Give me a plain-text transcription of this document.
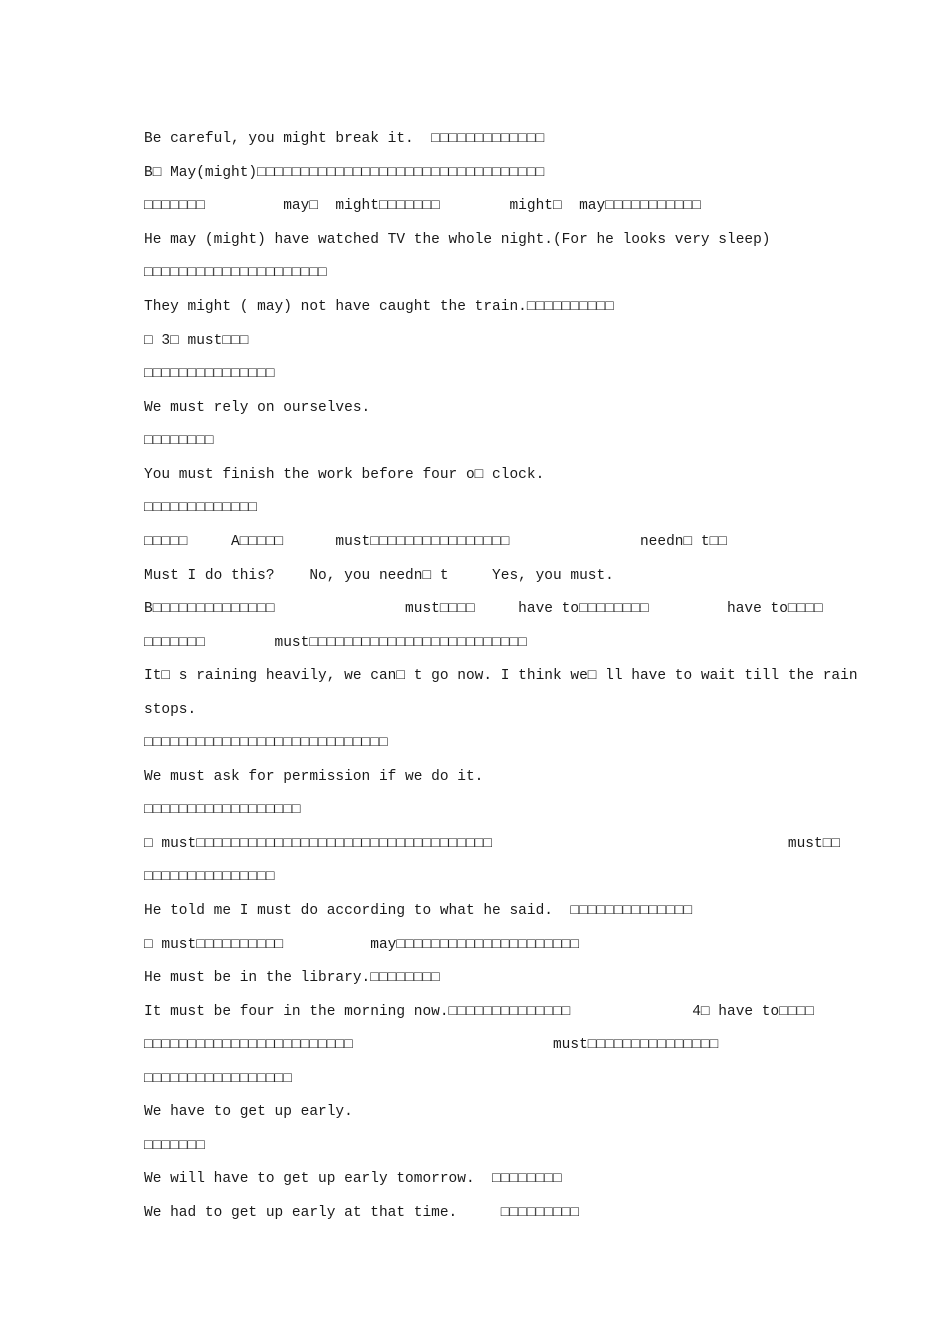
Be careful, you might break it.  □□□□□□□□□□□□□
B□ May(might)□□□□□□□□□□□□□□□□□□□□□□□□□□□□□□□□□
□□□□□□□         may□  might□□□□□□□        might□  may□□□□□□□□□□□
He may (might) have watched TV the whole night.(For he looks very sleep)
□□□□□□□□□□□□□□□□□□□□□
They might ( may) not have caught the train.□□□□□□□□□□
□ 3□ must□□□
□□□□□□□□□□□□□□□
We must rely on ourselves.
□□□□□□□□
You must finish the work before four o□ clock.
□□□□□□□□□□□□□
□□□□□     A□□□□□      must□□□□□□□□□□□□□□□□               needn□ t□□
Must I do this?    No, you needn□ t     Yes, you must.
B□□□□□□□□□□□□□□               must□□□□     have to□□□□□□□□         have to□□□□
□□□□□□□        must□□□□□□□□□□□□□□□□□□□□□□□□□
It□ s raining heavily, we can□ t go now. I think we□ ll have to wait till the rain
stops.
□□□□□□□□□□□□□□□□□□□□□□□□□□□□
We must ask for permission if we do it.
□□□□□□□□□□□□□□□□□□
□ must□□□□□□□□□□□□□□□□□□□□□□□□□□□□□□□□□□                                  must□□
□□□□□□□□□□□□□□□
He told me I must do according to what he said.  □□□□□□□□□□□□□□
□ must□□□□□□□□□□          may□□□□□□□□□□□□□□□□□□□□□
He must be in the library.□□□□□□□□
It must be four in the morning now.□□□□□□□□□□□□□□              4□ have to□□□□
□□□□□□□□□□□□□□□□□□□□□□□□                       must□□□□□□□□□□□□□□□
□□□□□□□□□□□□□□□□□
We have to get up early.
□□□□□□□
We will have to get up early tomorrow.  □□□□□□□□
We had to get up early at that time.     □□□□□□□□□
